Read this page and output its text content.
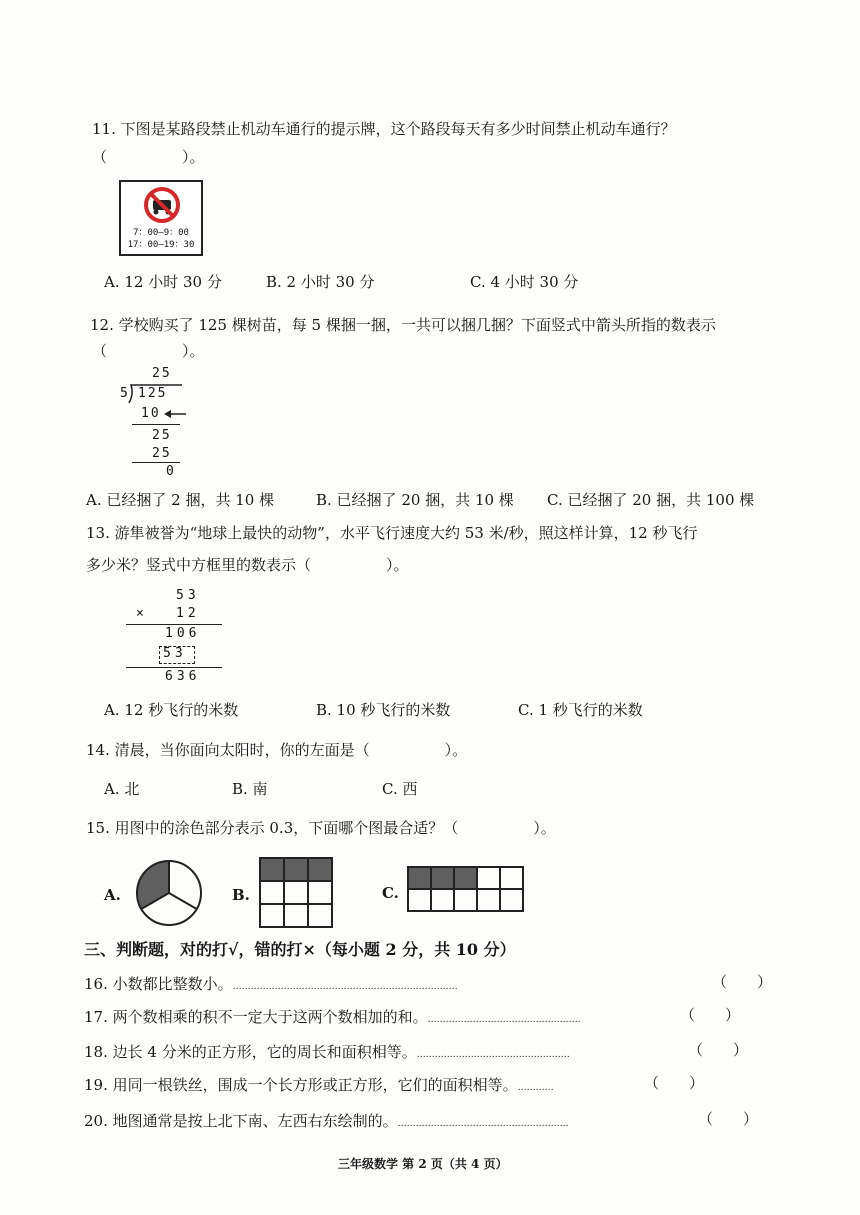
11. 下图是某路段禁止机动车通行的提示牌，这个路段每天有多少时间禁止机动车通行？
（　　　　　）。
7：00—9：00
17：00—19：30
A. 12 小时 30 分	B. 2 小时 30 分	C. 4 小时 30 分
12. 学校购买了 125 棵树苗，每 5 棵捆一捆，一共可以捆几捆？下面竖式中箭头所指的数表示
（　　　　　）。
25
5 125
10
25
25
0
A. 已经捆了 2 捆，共 10 棵	B. 已经捆了 20 捆，共 10 棵 C. 已经捆了 20 捆，共 100 棵
13. 游隼被誉为“地球上最快的动物”，水平飞行速度大约 53 米/秒，照这样计算，12 秒飞行
多少米？竖式中方框里的数表示（　　　　　）。
53
× 12
106
53
636
A. 12 秒飞行的米数	B. 10 秒飞行的米数	C. 1 秒飞行的米数
14. 清晨，当你面向太阳时，你的左面是（　　　　　）。
A. 北	B. 南	C. 西
15. 用图中的涂色部分表示 0.3，下面哪个图最合适？（　　　　　）。
A.	B.

			C.

三、判断题，对的打√，错的打×（每小题 2 分，共 10 分）
16. 小数都比整数小。…………………………………………………………………	（　　）
17. 两个数相乘的积不一定大于这两个数相加的和。……………………………………………	（　　）
18. 边长 4 分米的正方形，它的周长和面积相等。……………………………………………	（　　）
19. 用同一根铁丝，围成一个长方形或正方形，它们的面积相等。…………	（　　）
20. 地图通常是按上北下南、左西右东绘制的。…………………………………………………	（　　）
三年级数学 第 2 页（共 4 页）
